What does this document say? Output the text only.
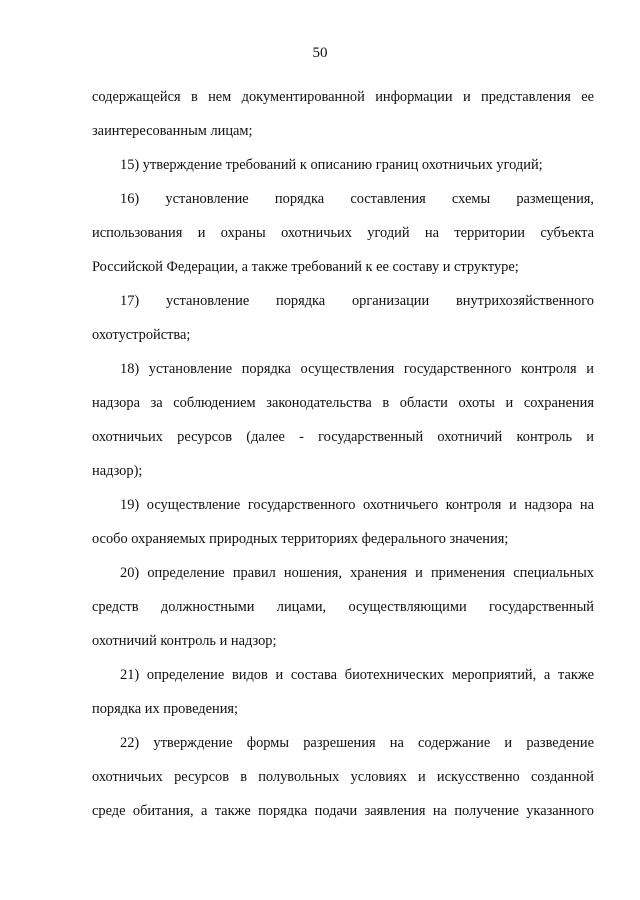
50
содержащейся в нем документированной информации и представления ее
заинтересованным лицам;
15) утверждение требований к описанию границ охотничьих угодий;
16) установление порядка составления схемы размещения,
использования и охраны охотничьих угодий на территории субъекта
Российской Федерации, а также требований к ее составу и структуре;
17) установление порядка организации внутрихозяйственного
охотустройства;
18) установление порядка осуществления государственного контроля и
надзора за соблюдением законодательства в области охоты и сохранения
охотничьих ресурсов (далее - государственный охотничий контроль и
надзор);
19) осуществление государственного охотничьего контроля и надзора на
особо охраняемых природных территориях федерального значения;
20) определение правил ношения, хранения и применения специальных
средств должностными лицами, осуществляющими государственный
охотничий контроль и надзор;
21) определение видов и состава биотехнических мероприятий, а также
порядка их проведения;
22) утверждение формы разрешения на содержание и разведение
охотничьих ресурсов в полувольных условиях и искусственно созданной
среде обитания, а также порядка подачи заявления на получение указанного
